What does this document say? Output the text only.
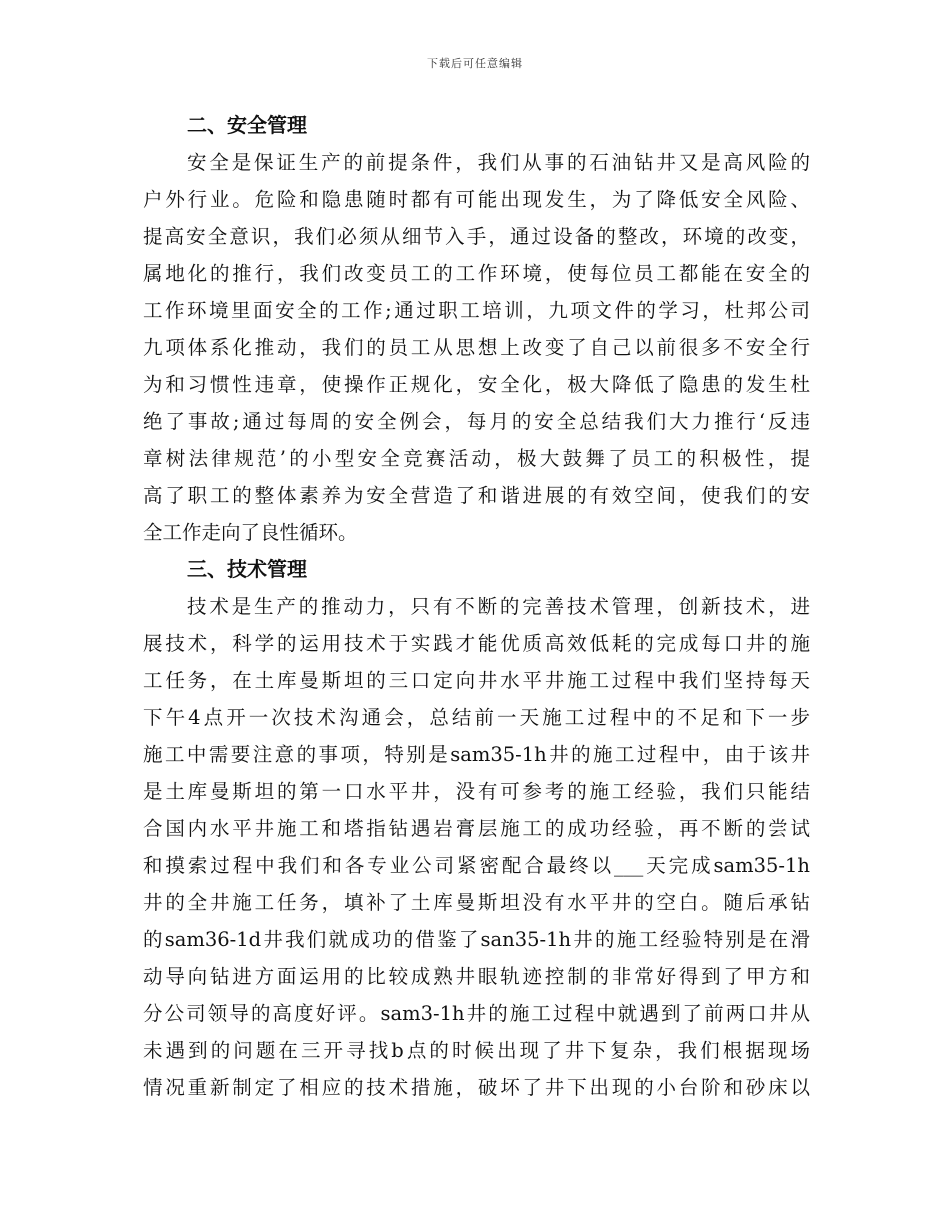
下载后可任意编辑
二、安全管理
安全是保证生产的前提条件，我们从事的石油钻井又是高风险的
户外行业。危险和隐患随时都有可能出现发生，为了降低安全风险、
提高安全意识，我们必须从细节入手，通过设备的整改，环境的改变，
属地化的推行，我们改变员工的工作环境，使每位员工都能在安全的
工作环境里面安全的工作;通过职工培训，九项文件的学习，杜邦公司
九项体系化推动，我们的员工从思想上改变了自己以前很多不安全行
为和习惯性违章，使操作正规化，安全化，极大降低了隐患的发生杜
绝了事故;通过每周的安全例会，每月的安全总结我们大力推行‘反违
章树法律规范’的小型安全竞赛活动，极大鼓舞了员工的积极性，提
高了职工的整体素养为安全营造了和谐进展的有效空间，使我们的安
全工作走向了良性循环。
三、技术管理
技术是生产的推动力，只有不断的完善技术管理，创新技术，进
展技术，科学的运用技术于实践才能优质高效低耗的完成每口井的施
工任务，在土库曼斯坦的三口定向井水平井施工过程中我们坚持每天
下午4点开一次技术沟通会，总结前一天施工过程中的不足和下一步
施工中需要注意的事项，特别是sam35-1h井的施工过程中，由于该井
是土库曼斯坦的第一口水平井，没有可参考的施工经验，我们只能结
合国内水平井施工和塔指钻遇岩膏层施工的成功经验，再不断的尝试
和摸索过程中我们和各专业公司紧密配合最终以___天完成sam35-1h
井的全井施工任务，填补了土库曼斯坦没有水平井的空白。随后承钻
的sam36-1d井我们就成功的借鉴了san35-1h井的施工经验特别是在滑
动导向钻进方面运用的比较成熟井眼轨迹控制的非常好得到了甲方和
分公司领导的高度好评。sam3-1h井的施工过程中就遇到了前两口井从
未遇到的问题在三开寻找b点的时候出现了井下复杂，我们根据现场
情况重新制定了相应的技术措施，破坏了井下出现的小台阶和砂床以
